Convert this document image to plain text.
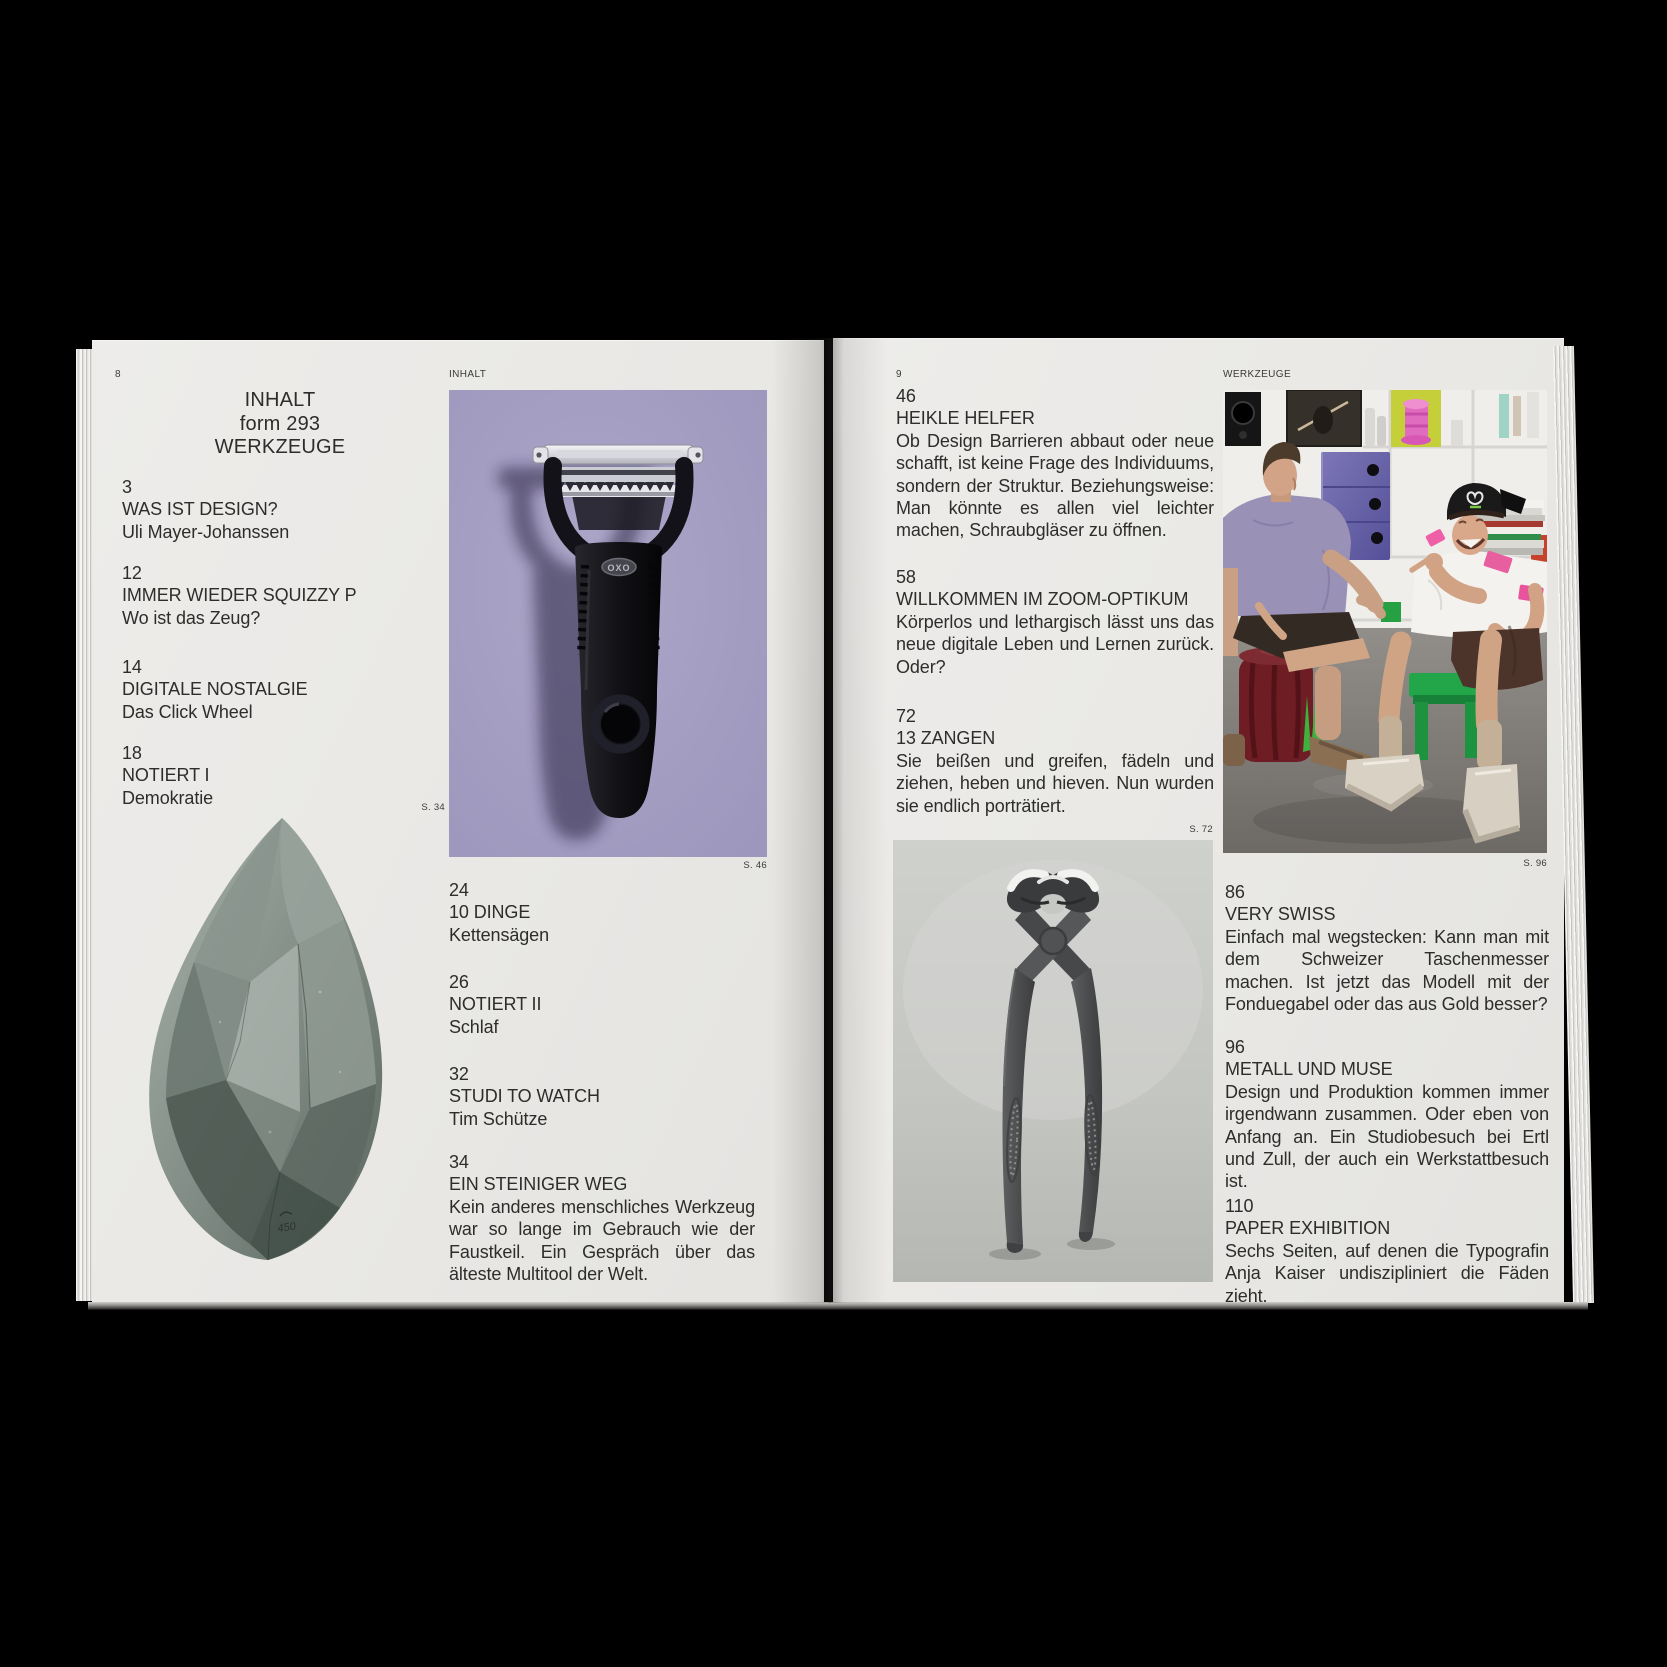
8	INHALT
INHALT
form 293
WERKZEUGE
3
WAS IST DESIGN?
Uli Mayer-Johanssen
12
IMMER WIEDER SQUIZZY P
Wo ist das Zeug?
14
DIGITALE NOSTALGIE
Das Click Wheel
18
NOTIERT I
Demokratie
450
OXO
S. 34
S. 46
24
10 DINGE
Kettensägen
26
NOTIERT II
Schlaf
32
STUDI TO WATCH
Tim Schütze
34
EIN STEINIGER WEG
Kein anderes menschliches Werkzeug war so lange im Gebrauch wie der Faustkeil. Ein Gespräch über das älteste Multitool der Welt.
9	WERKZEUGE
46
HEIKLE HELFER
Ob Design Barrieren abbaut oder neue schafft, ist keine Frage des Individuums, sondern der Struktur. Beziehungsweise: Man könnte es allen viel leichter machen, Schraubgläser zu öffnen.
58
WILLKOMMEN IM ZOOM-OPTIKUM
Körperlos und lethargisch lässt uns das neue digitale Leben und Lernen zurück. Oder?
72
13 ZANGEN
Sie beißen und greifen, fädeln und ziehen, heben und hieven. Nun wurden sie endlich porträtiert.
S. 72
S. 96
86
VERY SWISS
Einfach mal wegstecken: Kann man mit dem Schweizer Taschenmesser machen. Ist jetzt das Modell mit der Fonduegabel oder das aus Gold besser?
96
METALL UND MUSE
Design und Produktion kommen immer irgendwann zusammen. Oder eben von Anfang an. Ein Studiobesuch bei Ertl und Zull, der auch ein Werkstattbesuch ist.
110
PAPER EXHIBITION
Sechs Seiten, auf denen die Typografin Anja Kaiser undiszipliniert die Fäden zieht.
